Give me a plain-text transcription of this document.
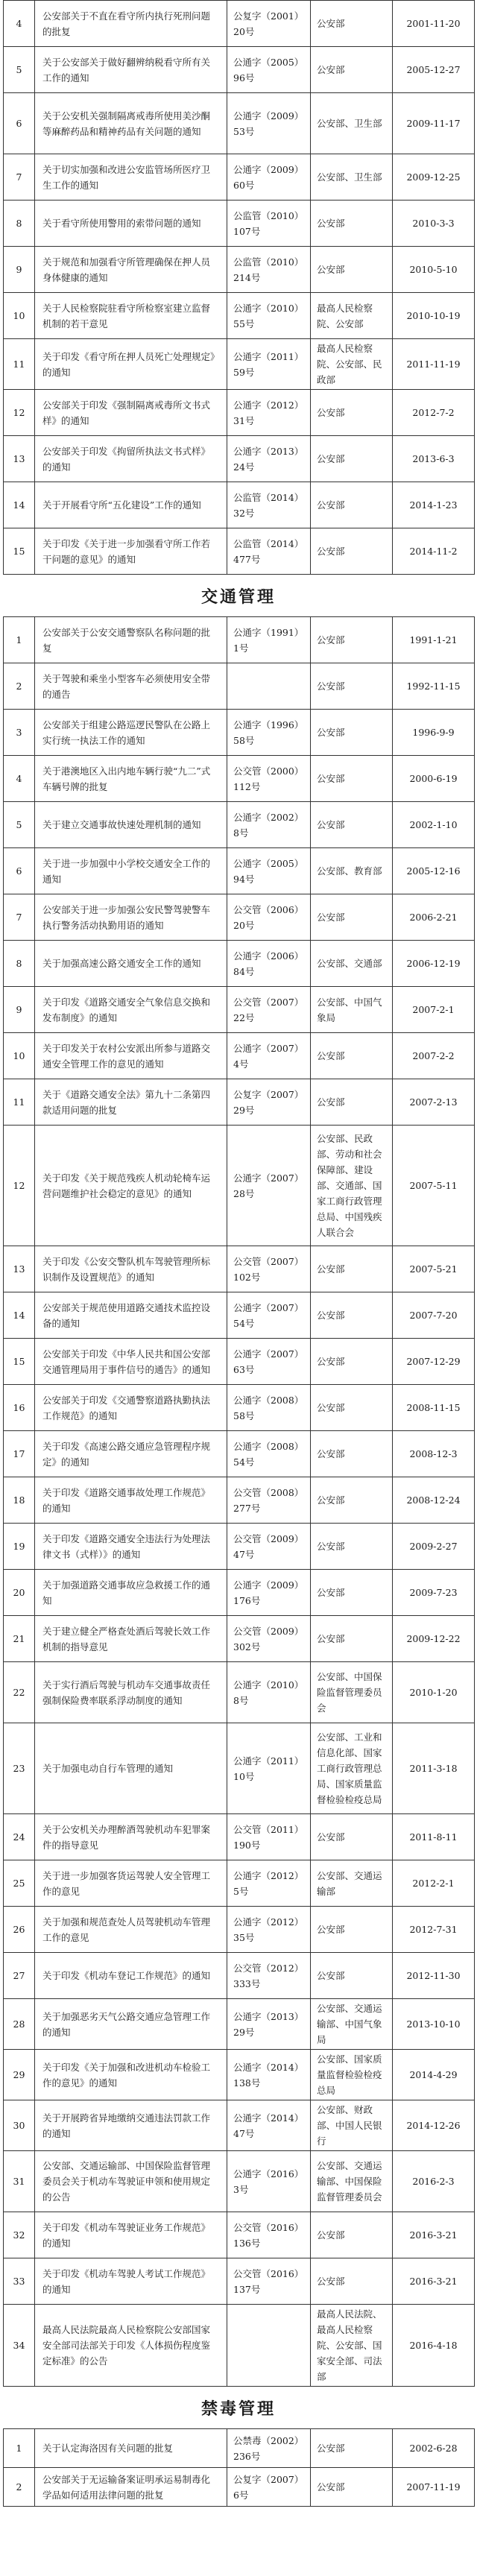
4	公安部关于不直在看守所内执行死刑问题的批复	公复字（2001）20号	公安部	2001-11-20
5	关于公安部关于做好翻辨纳税看守所有关工作的通知	公通字（2005）96号	公安部	2005-12-27
6	关于公安机关强制隔离戒毒所使用美沙酮等麻醉药品和精神药品有关问题的通知	公通字（2009）53号	公安部、卫生部	2009-11-17
7	关于切实加强和改进公安监管场所医疗卫生工作的通知	公通字（2009）60号	公安部、卫生部	2009-12-25
8	关于看守所使用警用的索带问题的通知	公监管（2010）107号	公安部	2010-3-3
9	关于规范和加强看守所管理确保在押人员身体健康的通知	公监管（2010）214号	公安部	2010-5-10
10	关于人民检察院驻看守所检察室建立监督机制的若干意见	公通字（2010）55号	最高人民检察院、公安部	2010-10-19
11	关于印发《看守所在押人员死亡处理规定》的通知	公通字（2011）59号	最高人民检察院、公安部、民政部	2011-11-19
12	公安部关于印发《强制隔离戒毒所文书式样》的通知	公通字（2012）31号	公安部	2012-7-2
13	公安部关于印发《拘留所执法文书式样》的通知	公通字（2013）24号	公安部	2013-6-3
14	关于开展看守所“五化建设”工作的通知	公监管（2014）32号	公安部	2014-1-23
15	关于印发《关于进一步加强看守所工作若干问题的意见》的通知	公监管（2014）477号	公安部	2014-11-2
交通管理
1	公安部关于公安交通警察队名称问题的批复	公通字（1991）1号	公安部	1991-1-21
2	关于驾驶和乘坐小型客车必须使用安全带的通告		公安部	1992-11-15
3	公安部关于组建公路巡逻民警队在公路上实行统一执法工作的通知	公通字（1996）58号	公安部	1996-9-9
4	关于港澳地区入出内地车辆行驶“九二”式车辆号牌的批复	公交管（2000）112号	公安部	2000-6-19
5	关于建立交通事故快速处理机制的通知	公通字（2002）8号	公安部	2002-1-10
6	关于进一步加强中小学校交通安全工作的通知	公通字（2005）94号	公安部、教育部	2005-12-16
7	公安部关于进一步加强公安民警驾驶警车执行警务活动执勤用语的通知	公交管（2006）20号	公安部	2006-2-21
8	关于加强高速公路交通安全工作的通知	公通字（2006）84号	公安部、交通部	2006-12-19
9	关于印发《道路交通安全气象信息交换和发布制度》的通知	公交管（2007）22号	公安部、中国气象局	2007-2-1
10	关于印发关于农村公安派出所参与道路交通安全管理工作的意见的通知	公通字（2007）4号	公安部	2007-2-2
11	关于《道路交通安全法》第九十二条第四款适用问题的批复	公复字（2007）29号	公安部	2007-2-13
12	关于印发《关于规范残疾人机动轮椅车运营问题维护社会稳定的意见》的通知	公通字（2007）28号	公安部、民政部、劳动和社会保障部、建设部、交通部、国家工商行政管理总局、中国残疾人联合会	2007-5-11
13	关于印发《公安交警队机车驾驶管理所标识制作及设置规范》的通知	公交管（2007）102号	公安部	2007-5-21
14	公安部关于规范使用道路交通技术监控设备的通知	公通字（2007）54号	公安部	2007-7-20
15	公安部关于印发《中华人民共和国公安部交通管理局用于事件信号的通告》的通知	公通字（2007）63号	公安部	2007-12-29
16	公安部关于印发《交通警察道路执勤执法工作规范》的通知	公通字（2008）58号	公安部	2008-11-15
17	关于印发《高速公路交通应急管理程序规定》的通知	公通字（2008）54号	公安部	2008-12-3
18	关于印发《道路交通事故处理工作规范》的通知	公交管（2008）277号	公安部	2008-12-24
19	关于印发《道路交通安全违法行为处理法律文书（式样）》的通知	公交管（2009）47号	公安部	2009-2-27
20	关于加强道路交通事故应急救援工作的通知	公通字（2009）176号	公安部	2009-7-23
21	关于建立健全严格查处酒后驾驶长效工作机制的指导意见	公交管（2009）302号	公安部	2009-12-22
22	关于实行酒后驾驶与机动车交通事故责任强制保险费率联系浮动制度的通知	公通字（2010）8号	公安部、中国保险监督管理委员会	2010-1-20
23	关于加强电动自行车管理的通知	公通字（2011）10号	公安部、工业和信息化部、国家工商行政管理总局、国家质量监督检验检疫总局	2011-3-18
24	关于公安机关办理醉酒驾驶机动车犯罪案件的指导意见	公交管（2011）190号	公安部	2011-8-11
25	关于进一步加强客货运驾驶人安全管理工作的意见	公通字（2012）5号	公安部、交通运输部	2012-2-1
26	关于加强和规范查处人员驾驶机动车管理工作的意见	公通字（2012）35号	公安部	2012-7-31
27	关于印发《机动车登记工作规范》的通知	公交管（2012）333号	公安部	2012-11-30
28	关于加强恶劣天气公路交通应急管理工作的通知	公通字（2013）29号	公安部、交通运输部、中国气象局	2013-10-10
29	关于印发《关于加强和改进机动车检验工作的意见》的通知	公通字（2014）138号	公安部、国家质量监督检验检疫总局	2014-4-29
30	关于开展跨省异地缴纳交通违法罚款工作的通知	公通字（2014）47号	公安部、财政部、中国人民银行	2014-12-26
31	公安部、交通运输部、中国保险监督管理委员会关于机动车驾驶证申领和使用规定的公告	公通字（2016）3号	公安部、交通运输部、中国保险监督管理委员会	2016-2-3
32	关于印发《机动车驾驶证业务工作规范》的通知	公交管（2016）136号	公安部	2016-3-21
33	关于印发《机动车驾驶人考试工作规范》的通知	公交管（2016）137号	公安部	2016-3-21
34	最高人民法院最高人民检察院公安部国家安全部司法部关于印发《人体损伤程度鉴定标准》的公告		最高人民法院、最高人民检察院、公安部、国家安全部、司法部	2016-4-18
禁毒管理
1	关于认定海洛因有关问题的批复	公禁毒（2002）236号	公安部	2002-6-28
2	公安部关于无运输备案证明承运易制毒化学品如何适用法律问题的批复	公复字（2007）6号	公安部	2007-11-19
